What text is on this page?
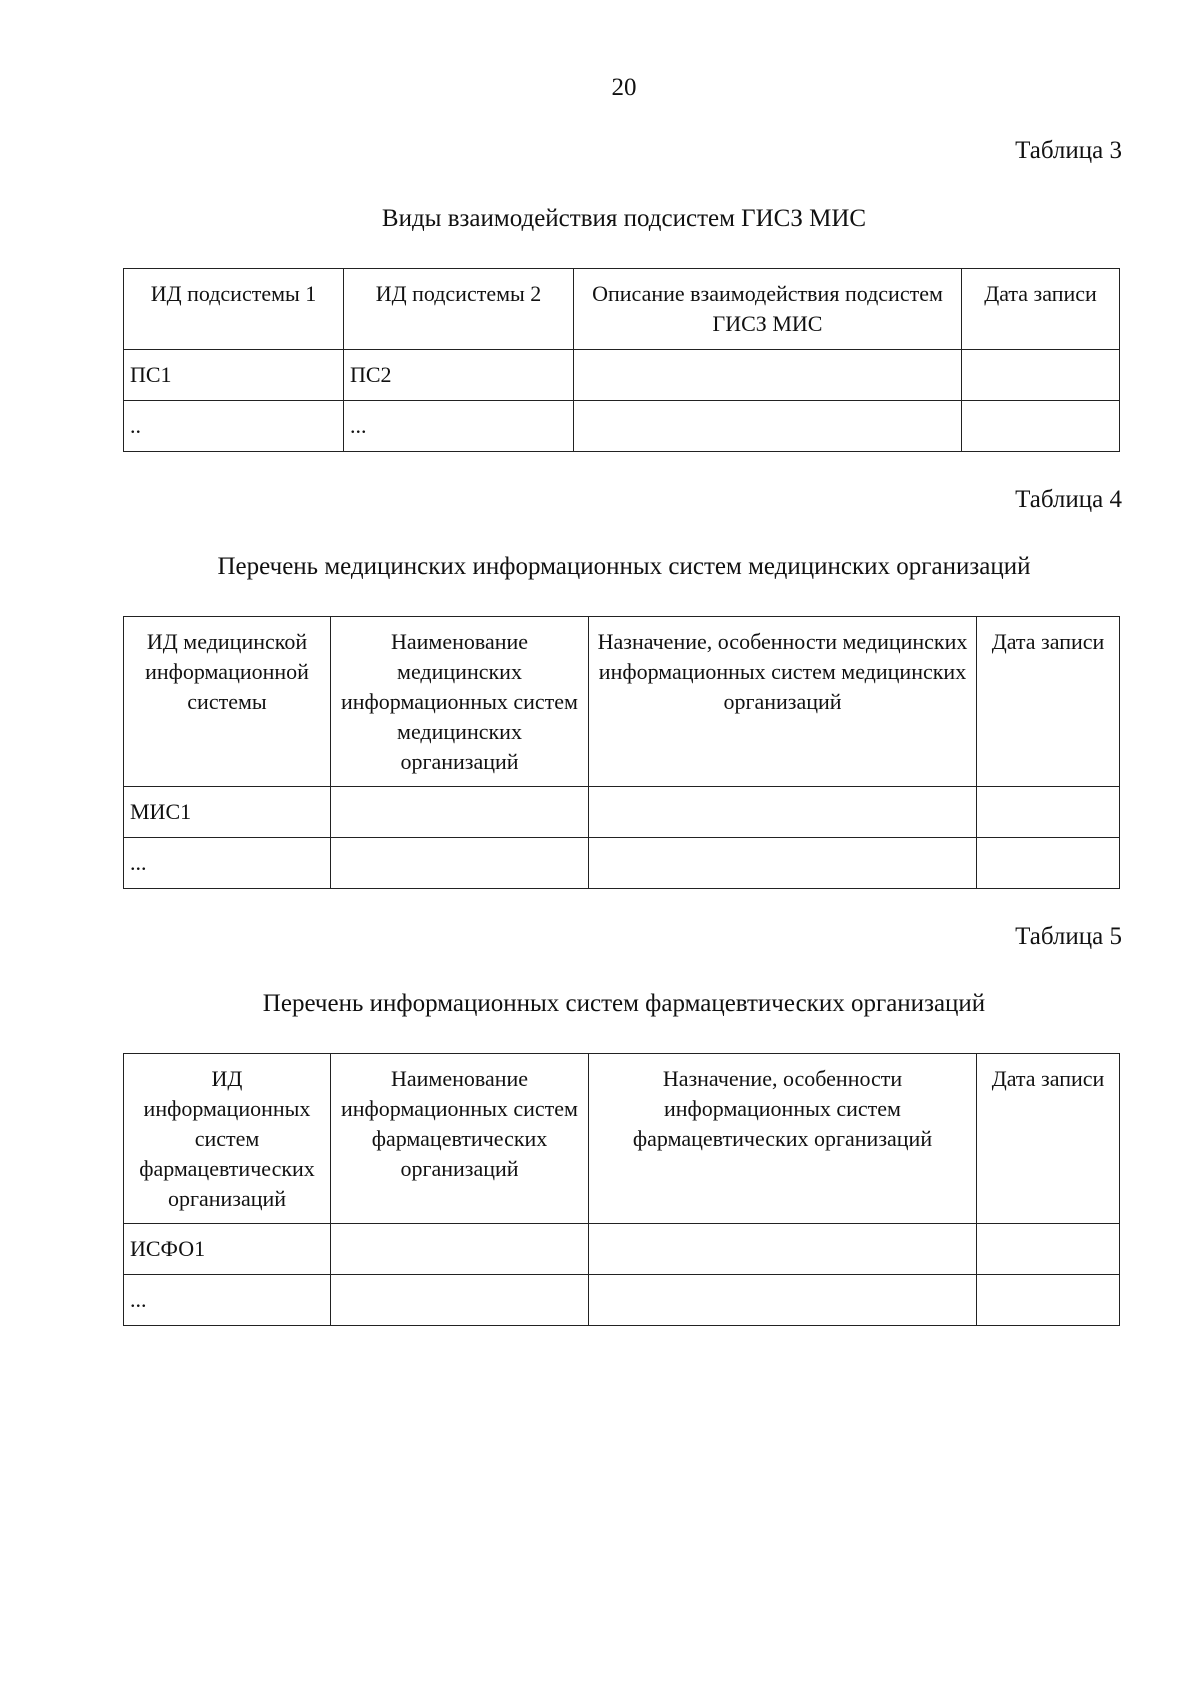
20
Таблица 3
Виды взаимодействия подсистем ГИСЗ МИС
ИД подсистемы 1	ИД подсистемы 2	Описание взаимодействия подсистем ГИСЗ МИС	Дата записи
ПС1	ПС2		
..	...		
Таблица 4
Перечень медицинских информационных систем медицинских организаций
ИД медицинской информационной системы	Наименование медицинских информационных систем медицинских организаций	Назначение, особенности медицинских информационных систем медицинских организаций	Дата записи
МИС1			
...			
Таблица 5
Перечень информационных систем фармацевтических организаций
ИД информационных систем фармацевтических организаций	Наименование информационных систем фармацевтических организаций	Назначение, особенности информационных систем фармацевтических организаций	Дата записи
ИСФО1			
...			
